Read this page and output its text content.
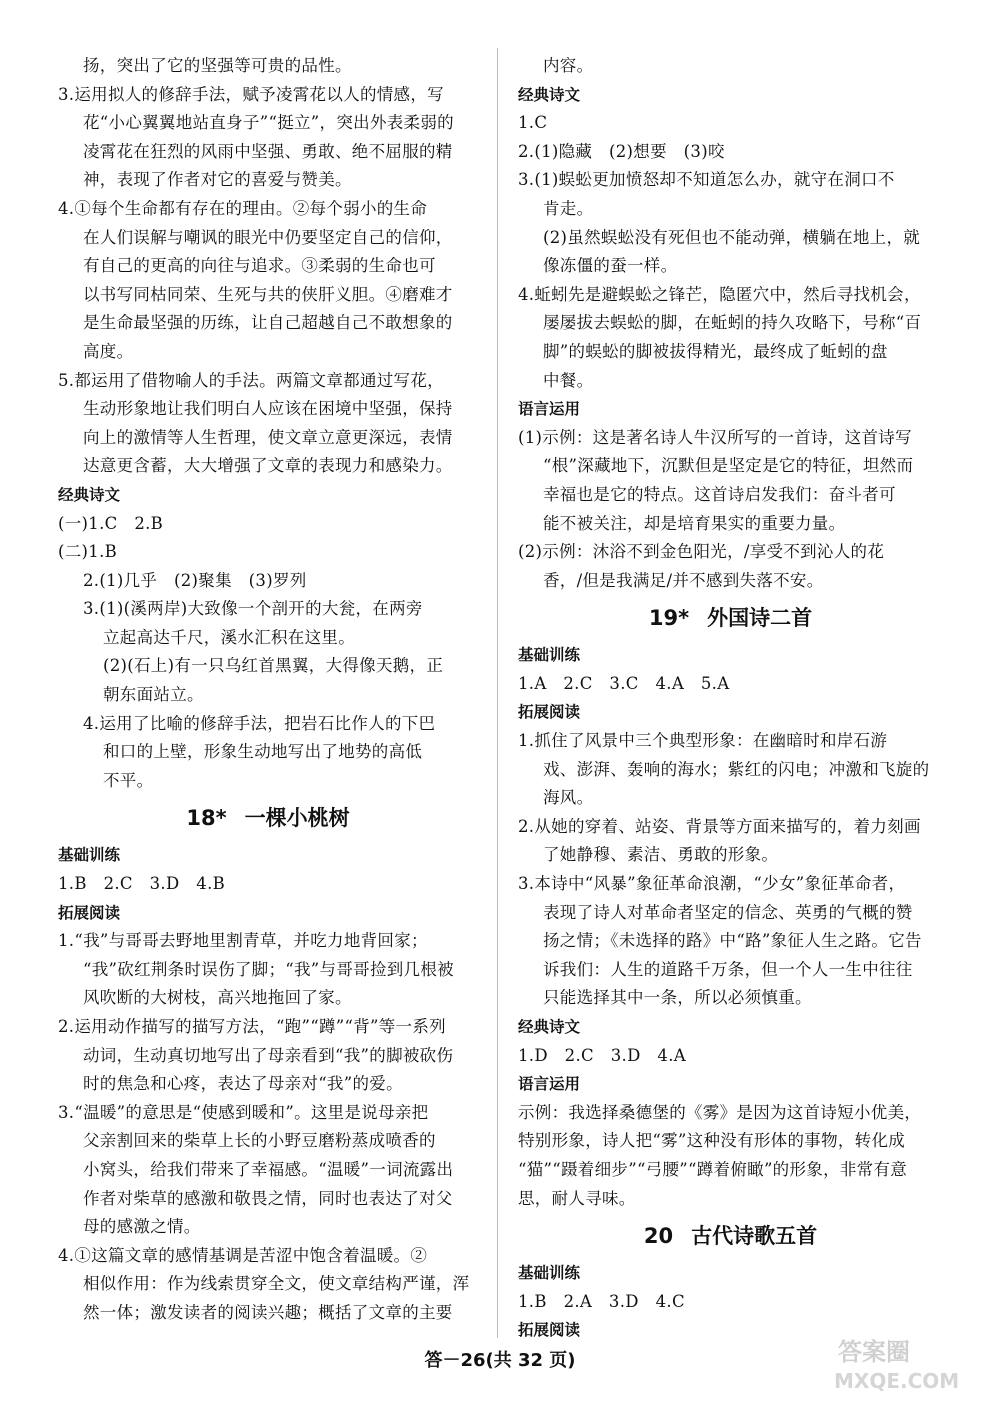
扬，突出了它的坚强等可贵的品性。
3.运用拟人的修辞手法，赋予凌霄花以人的情感，写
花“小心翼翼地站直身子”“挺立”，突出外表柔弱的
凌霄花在狂烈的风雨中坚强、勇敢、绝不屈服的精
神，表现了作者对它的喜爱与赞美。
4.①每个生命都有存在的理由。②每个弱小的生命
在人们误解与嘲讽的眼光中仍要坚定自己的信仰，
有自己的更高的向往与追求。③柔弱的生命也可
以书写同枯同荣、生死与共的侠肝义胆。④磨难才
是生命最坚强的历练，让自己超越自己不敢想象的
高度。
5.都运用了借物喻人的手法。两篇文章都通过写花，
生动形象地让我们明白人应该在困境中坚强，保持
向上的激情等人生哲理，使文章立意更深远，表情
达意更含蓄，大大增强了文章的表现力和感染力。
经典诗文
(一)1.C　2.B
(二)1.B
2.(1)几乎　(2)聚集　(3)罗列
3.(1)(溪两岸)大致像一个剖开的大瓮，在两旁
立起高达千尺，溪水汇积在这里。
(2)(石上)有一只乌红首黑翼，大得像天鹅，正
朝东面站立。
4.运用了比喻的修辞手法，把岩石比作人的下巴
和口的上壁，形象生动地写出了地势的高低
不平。
18* 一棵小桃树
基础训练
1.B　2.C　3.D　4.B
拓展阅读
1.“我”与哥哥去野地里割青草，并吃力地背回家；
“我”砍红荆条时误伤了脚；“我”与哥哥捡到几根被
风吹断的大树枝，高兴地拖回了家。
2.运用动作描写的描写方法，“跑”“蹲”“背”等一系列
动词，生动真切地写出了母亲看到“我”的脚被砍伤
时的焦急和心疼，表达了母亲对“我”的爱。
3.“温暖”的意思是“使感到暖和”。这里是说母亲把
父亲割回来的柴草上长的小野豆磨粉蒸成喷香的
小窝头，给我们带来了幸福感。“温暖”一词流露出
作者对柴草的感激和敬畏之情，同时也表达了对父
母的感激之情。
4.①这篇文章的感情基调是苦涩中饱含着温暖。②
相似作用：作为线索贯穿全文，使文章结构严谨，浑
然一体；激发读者的阅读兴趣；概括了文章的主要
内容。
经典诗文
1.C
2.(1)隐藏　(2)想要　(3)咬
3.(1)蜈蚣更加愤怒却不知道怎么办，就守在洞口不
肯走。
(2)虽然蜈蚣没有死但也不能动弹，横躺在地上，就
像冻僵的蚕一样。
4.蚯蚓先是避蜈蚣之锋芒，隐匿穴中，然后寻找机会，
屡屡拔去蜈蚣的脚，在蚯蚓的持久攻略下，号称“百
脚”的蜈蚣的脚被拔得精光，最终成了蚯蚓的盘
中餐。
语言运用
(1)示例：这是著名诗人牛汉所写的一首诗，这首诗写
“根”深藏地下，沉默但是坚定是它的特征，坦然而
幸福也是它的特点。这首诗启发我们：奋斗者可
能不被关注，却是培育果实的重要力量。
(2)示例：沐浴不到金色阳光，/享受不到沁人的花
香，/但是我满足/并不感到失落不安。
19* 外国诗二首
基础训练
1.A　2.C　3.C　4.A　5.A
拓展阅读
1.抓住了风景中三个典型形象：在幽暗时和岸石游
戏、澎湃、轰响的海水；紫红的闪电；冲激和飞旋的
海风。
2.从她的穿着、站姿、背景等方面来描写的，着力刻画
了她静穆、素洁、勇敢的形象。
3.本诗中“风暴”象征革命浪潮，“少女”象征革命者，
表现了诗人对革命者坚定的信念、英勇的气概的赞
扬之情；《未选择的路》中“路”象征人生之路。它告
诉我们：人生的道路千万条，但一个人一生中往往
只能选择其中一条，所以必须慎重。
经典诗文
1.D　2.C　3.D　4.A
语言运用
示例：我选择桑德堡的《雾》是因为这首诗短小优美，
特别形象，诗人把“雾”这种没有形体的事物，转化成
“猫”“蹑着细步”“弓腰”“蹲着俯瞰”的形象，非常有意
思，耐人寻味。
20 古代诗歌五首
基础训练
1.B　2.A　3.D　4.C
拓展阅读
答－26(共 32 页)	答案圈
MXQE.COM
